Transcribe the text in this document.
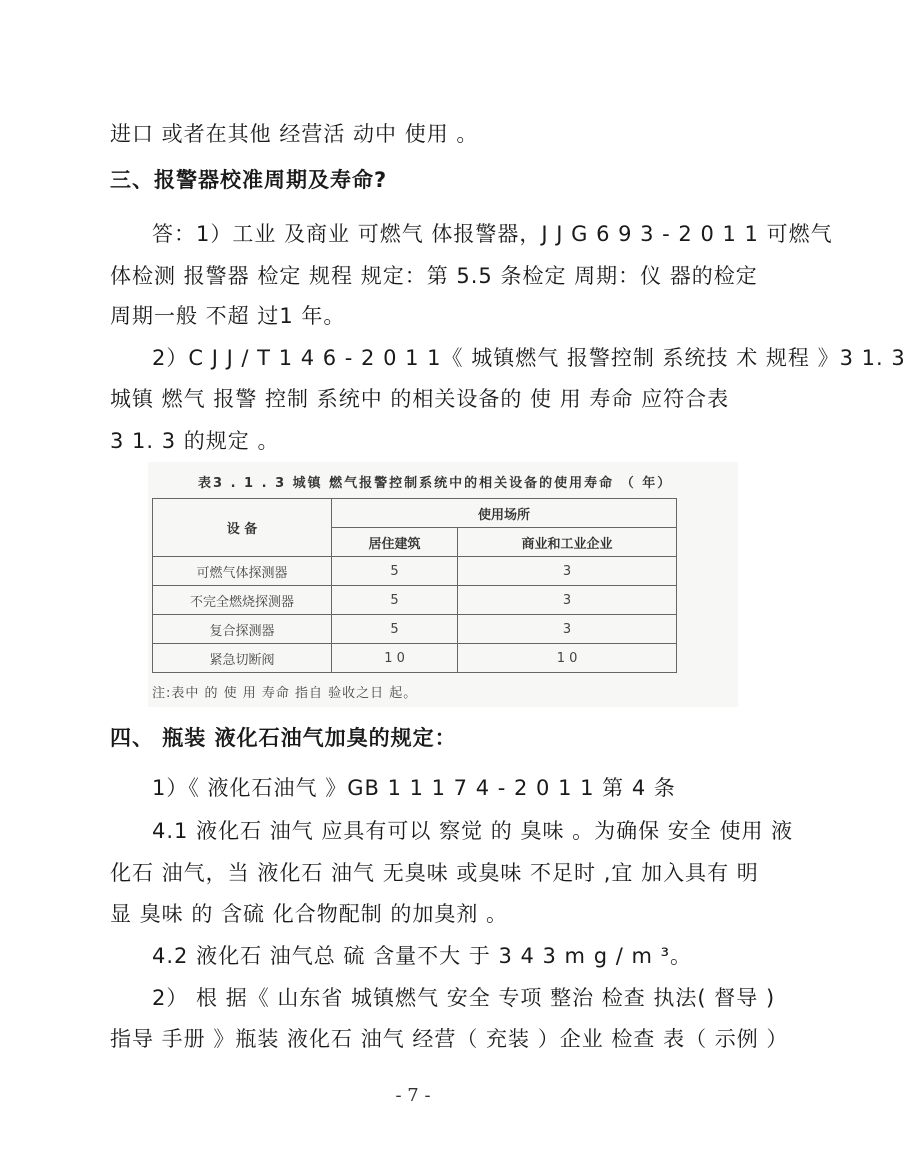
进口 或者在其他 经营活 动中 使用 。
三、报警器校准周期及寿命?
答：1）工业 及商业 可燃气 体报警器，J J G 6 9 3 - 2 0 1 1 可燃气
体检测 报警器 检定 规程 规定：第 5.5 条检定 周期：仪 器的检定
周期一般 不超 过1 年。
2）C J J / T 1 4 6 - 2 0 1 1《 城镇燃气 报警控制 系统技 术 规程 》3 1. 3
城镇 燃气 报警 控制 系统中 的相关设备的 使 用 寿命 应符合表
3 1. 3 的规定 。
表3 . 1 . 3 城镇 燃气报警控制系统中的相关设备的使用寿命 （ 年）
设 备	使用场所	
	居住建筑	商业和工业企业
可燃气体探测器	5	3
不完全燃烧探测器	5	3
复合探测器	5	3
紧急切断阀	1 0	1 0
注:表中 的 使 用 寿命 指自 验收之日 起。
四、 瓶装 液化石油气加臭的规定：
1）《 液化石油气 》GB 1 1 1 7 4 - 2 0 1 1 第 4 条
4.1 液化石 油气 应具有可以 察觉 的 臭味 。为确保 安全 使用 液
化石 油气，当 液化石 油气 无臭味 或臭味 不足时 ,宜 加入具有 明
显 臭味 的 含硫 化合物配制 的加臭剂 。
4.2 液化石 油气总 硫 含量不大 于 3 4 3 m g / m ³。
2） 根 据《 山东省 城镇燃气 安全 专项 整治 检查 执法( 督导 )
指导 手册 》瓶装 液化石 油气 经营（ 充装 ）企业 检查 表（ 示例 ）
- 7 -
